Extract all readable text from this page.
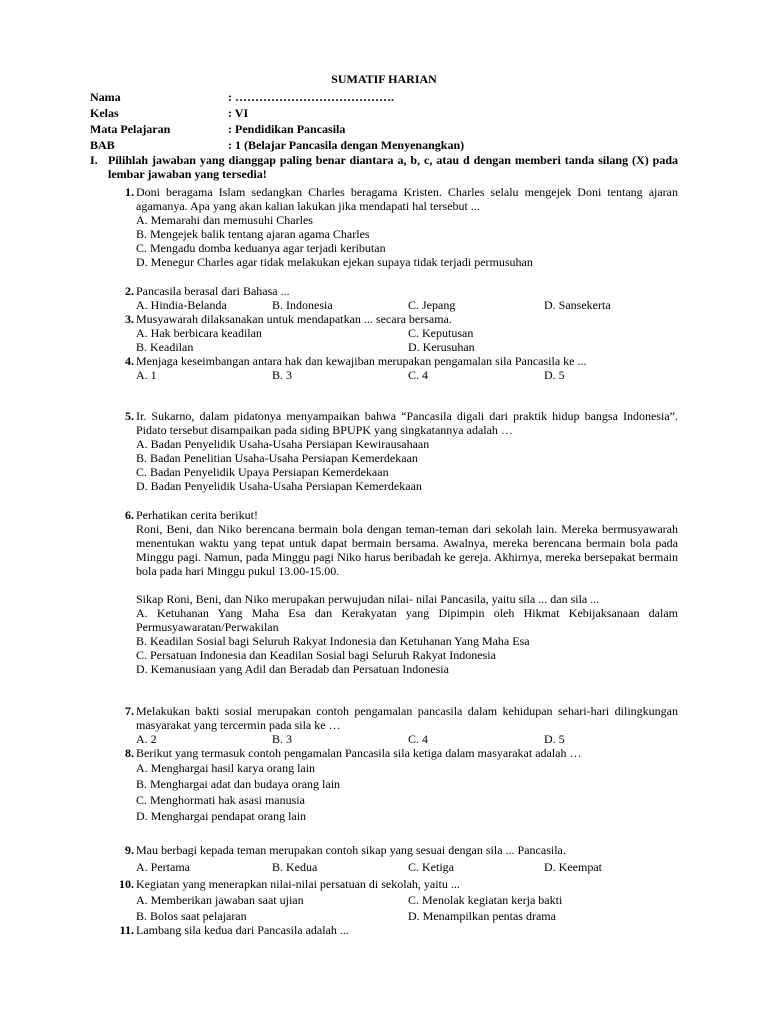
SUMATIF HARIAN
Nama	: ………………………………….
Kelas	: VI
Mata Pelajaran	: Pendidikan Pancasila
BAB	: 1 (Belajar Pancasila dengan Menyenangkan)
I. Pilihlah jawaban yang dianggap paling benar diantara a, b, c, atau d dengan memberi tanda silang (X) pada lembar jawaban yang tersedia!
1. Doni beragama Islam sedangkan Charles beragama Kristen. Charles selalu mengejek Doni tentang ajaran agamanya. Apa yang akan kalian lakukan jika mendapati hal tersebut ...
A. Memarahi dan memusuhi Charles
B. Mengejek balik tentang ajaran agama Charles
C. Mengadu domba keduanya agar terjadi keributan
D. Menegur Charles agar tidak melakukan ejekan supaya tidak terjadi permusuhan
2. Pancasila berasal dari Bahasa ...
A. Hindia-Belanda	B. Indonesia	C. Jepang	D. Sansekerta
3. Musyawarah dilaksanakan untuk mendapatkan ... secara bersama.
A. Hak berbicara keadilan	C. Keputusan
B. Keadilan	D. Kerusuhan
4. Menjaga keseimbangan antara hak dan kewajiban merupakan pengamalan sila Pancasila ke ...
A. 1	B. 3	C. 4	D. 5
5. Ir. Sukarno, dalam pidatonya menyampaikan bahwa “Pancasila digali dari praktik hidup bangsa Indonesia”. Pidato tersebut disampaikan pada siding BPUPK yang singkatannya adalah …
A. Badan Penyelidik Usaha-Usaha Persiapan Kewirausahaan
B. Badan Penelitian Usaha-Usaha Persiapan Kemerdekaan
C. Badan Penyelidik Upaya Persiapan Kemerdekaan
D. Badan Penyelidik Usaha-Usaha Persiapan Kemerdekaan
6. Perhatikan cerita berikut!
Roni, Beni, dan Niko berencana bermain bola dengan teman-teman dari sekolah lain. Mereka bermusyawarah menentukan waktu yang tepat untuk dapat bermain bersama. Awalnya, mereka berencana bermain bola pada Minggu pagi. Namun, pada Minggu pagi Niko harus beribadah ke gereja. Akhirnya, mereka bersepakat bermain bola pada hari Minggu pukul 13.00-15.00.
Sikap Roni, Beni, dan Niko merupakan perwujudan nilai- nilai Pancasila, yaitu sila ... dan sila ...
A. Ketuhanan Yang Maha Esa dan Kerakyatan yang Dipimpin oleh Hikmat Kebijaksanaan dalam Permusyawaratan/Perwakilan
B. Keadilan Sosial bagi Seluruh Rakyat Indonesia dan Ketuhanan Yang Maha Esa
C. Persatuan Indonesia dan Keadilan Sosial bagi Seluruh Rakyat Indonesia
D. Kemanusiaan yang Adil dan Beradab dan Persatuan Indonesia
7. Melakukan bakti sosial merupakan contoh pengamalan pancasila dalam kehidupan sehari-hari dilingkungan masyarakat yang tercermin pada sila ke …
A. 2	B. 3	C. 4	D. 5
8. Berikut yang termasuk contoh pengamalan Pancasila sila ketiga dalam masyarakat adalah …
A. Menghargai hasil karya orang lain
B. Menghargai adat dan budaya orang lain
C. Menghormati hak asasi manusia
D. Menghargai pendapat orang lain
9. Mau berbagi kepada teman merupakan contoh sikap yang sesuai dengan sila ... Pancasila.
A. Pertama	B. Kedua	C. Ketiga	D. Keempat
10. Kegiatan yang menerapkan nilai-nilai persatuan di sekolah, yaitu ...
A. Memberikan jawaban saat ujian	C. Menolak kegiatan kerja bakti
B. Bolos saat pelajaran	D. Menampilkan pentas drama
11. Lambang sila kedua dari Pancasila adalah ...
